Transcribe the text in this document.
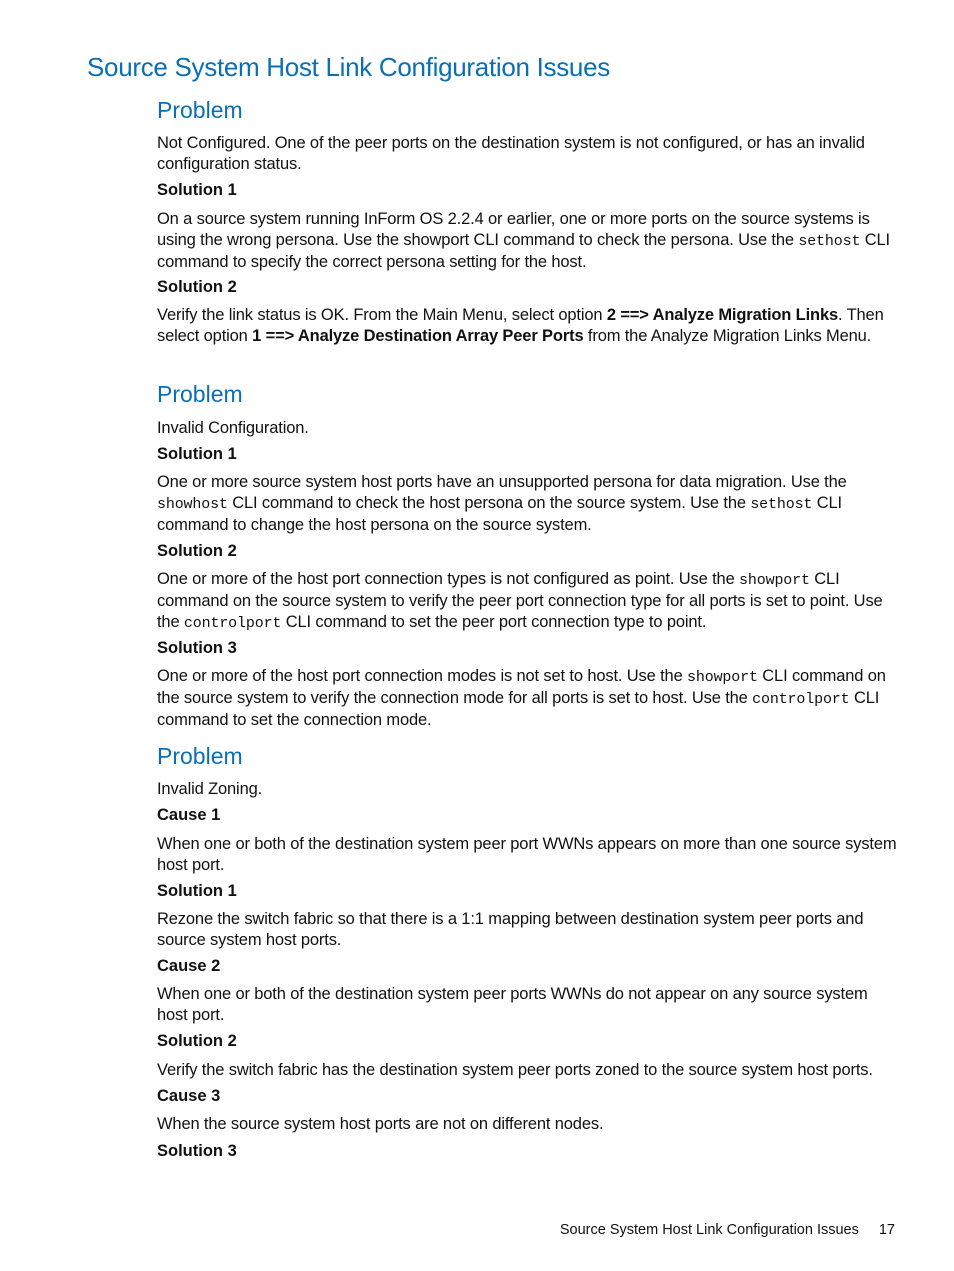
Source System Host Link Configuration Issues
Problem

Not Configured. One of the peer ports on the destination system is not configured, or has an invalid configuration status.

Solution 1

On a source system running InForm OS 2.2.4 or earlier, one or more ports on the source systems is using the wrong persona. Use the showport CLI command to check the persona. Use the sethost CLI command to specify the correct persona setting for the host.

Solution 2

Verify the link status is OK. From the Main Menu, select option 2 ==> Analyze Migration Links. Then select option 1 ==> Analyze Destination Array Peer Ports from the Analyze Migration Links Menu.

Problem

Invalid Configuration.

Solution 1

One or more source system host ports have an unsupported persona for data migration. Use the showhost CLI command to check the host persona on the source system. Use the sethost CLI command to change the host persona on the source system.

Solution 2

One or more of the host port connection types is not configured as point. Use the showport CLI command on the source system to verify the peer port connection type for all ports is set to point. Use the controlport CLI command to set the peer port connection type to point.

Solution 3

One or more of the host port connection modes is not set to host. Use the showport CLI command on the source system to verify the connection mode for all ports is set to host. Use the controlport CLI command to set the connection mode.

Problem

Invalid Zoning.

Cause 1

When one or both of the destination system peer port WWNs appears on more than one source system host port.

Solution 1

Rezone the switch fabric so that there is a 1:1 mapping between destination system peer ports and source system host ports.

Cause 2

When one or both of the destination system peer ports WWNs do not appear on any source system host port.

Solution 2

Verify the switch fabric has the destination system peer ports zoned to the source system host ports.

Cause 3

When the source system host ports are not on different nodes.

Solution 3

Source System Host Link Configuration Issues 17
